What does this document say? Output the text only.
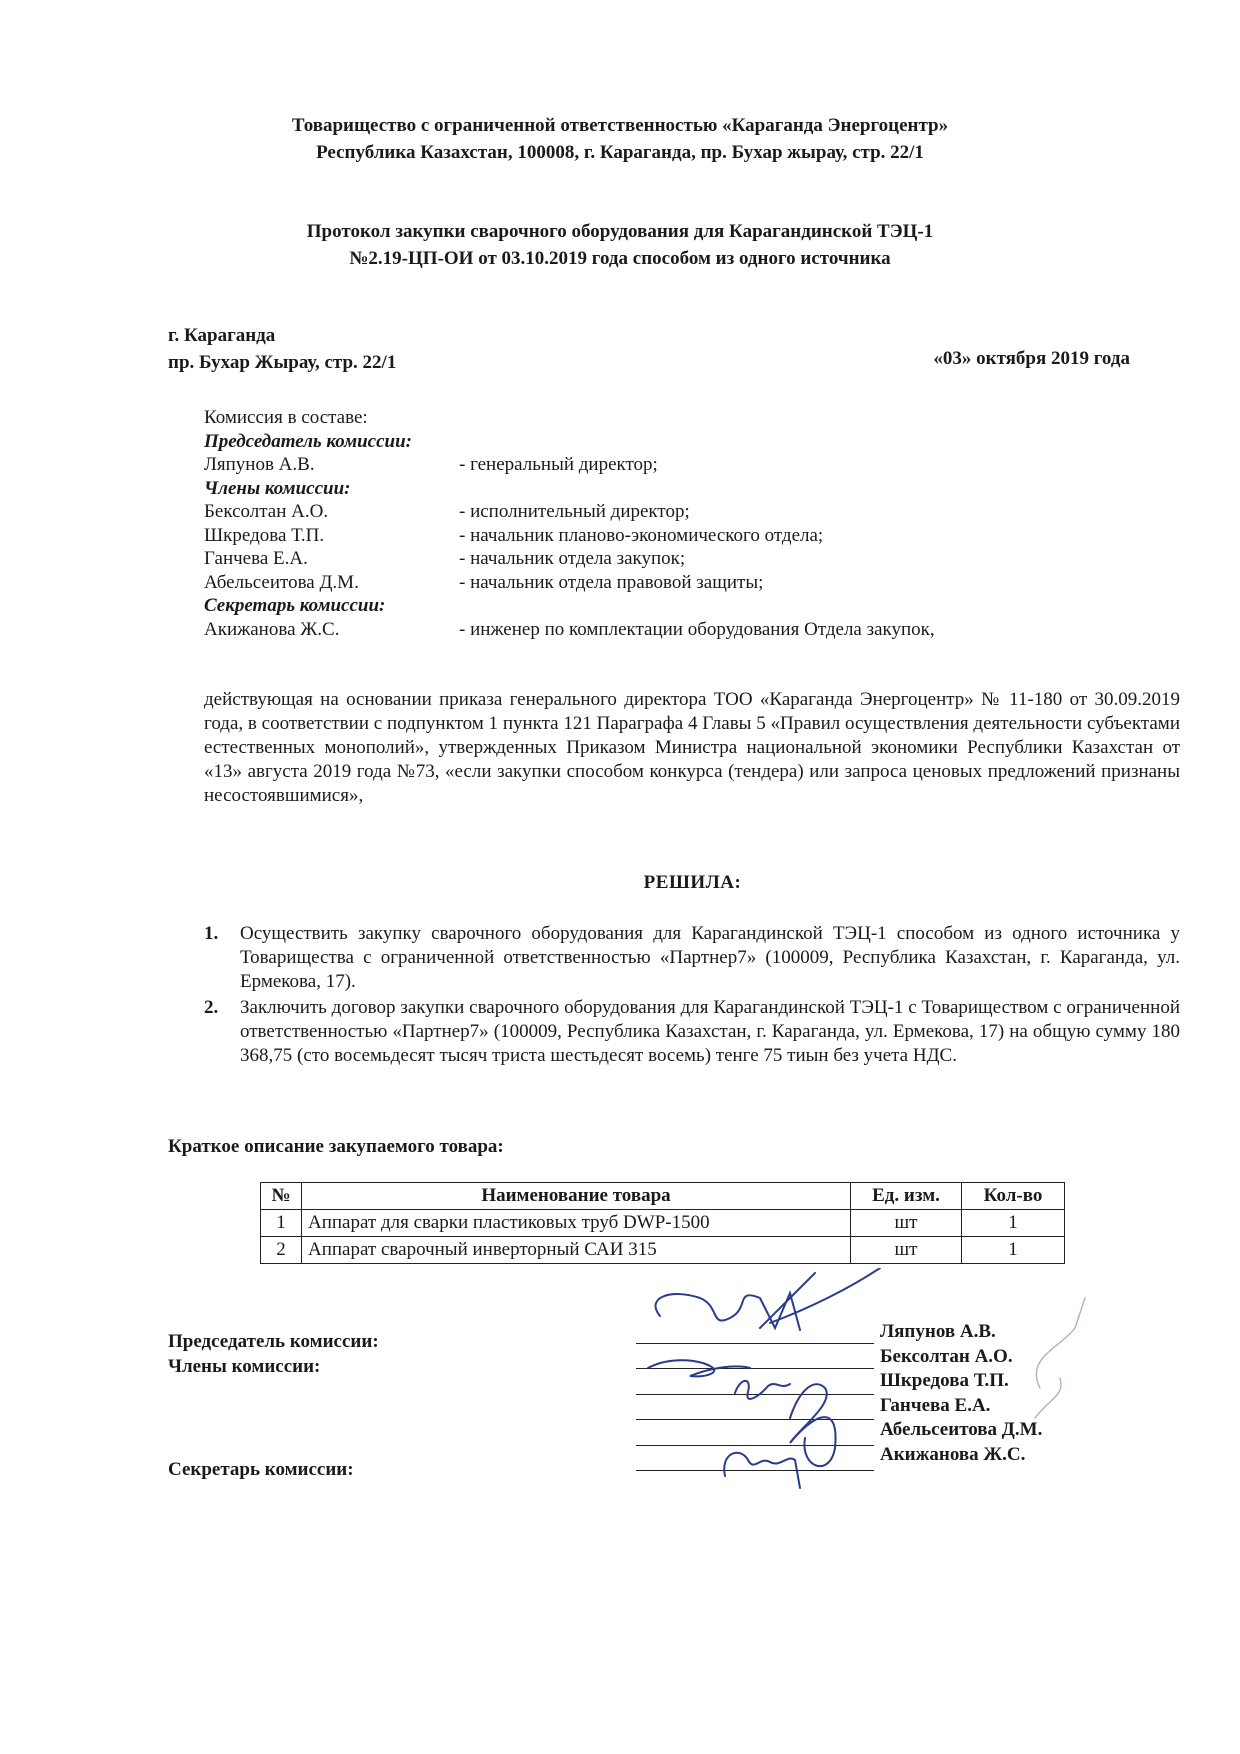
Товарищество с ограниченной ответственностью «Караганда Энергоцентр»
Республика Казахстан, 100008, г. Караганда, пр. Бухар жырау, стр. 22/1
Протокол закупки сварочного оборудования для Карагандинской ТЭЦ-1
№2.19-ЦП-ОИ от 03.10.2019 года способом из одного источника
г. Караганда
пр. Бухар Жырау, стр. 22/1	«03» октября 2019 года
Комиссия в составе:
Председатель комиссии:
Ляпунов А.В.	- генеральный директор;
Члены комиссии:
Бексолтан А.О.	- исполнительный директор;
Шкредова Т.П.	- начальник планово-экономического отдела;
Ганчева Е.А.	- начальник отдела закупок;
Абельсеитова Д.М.	- начальник отдела правовой защиты;
Секретарь комиссии:
Акижанова Ж.С.	- инженер по комплектации оборудования Отдела закупок,
действующая на основании приказа генерального директора ТОО «Караганда Энергоцентр» № 11-180 от 30.09.2019 года, в соответствии с подпунктом 1 пункта 121 Параграфа 4 Главы 5 «Правил осуществления деятельности субъектами естественных монополий», утвержденных Приказом Министра национальной экономики Республики Казахстан от «13» августа 2019 года №73, «если закупки способом конкурса (тендера) или запроса ценовых предложений признаны несостоявшимися»,
РЕШИЛА:
1.	Осуществить закупку сварочного оборудования для Карагандинской ТЭЦ-1 способом из одного источника у Товарищества с ограниченной ответственностью «Партнер7» (100009, Республика Казахстан, г. Караганда, ул. Ермекова, 17).
2.	Заключить договор закупки сварочного оборудования для Карагандинской ТЭЦ-1 с Товариществом с ограниченной ответственностью «Партнер7» (100009, Республика Казахстан, г. Караганда, ул. Ермекова, 17) на общую сумму 180 368,75 (сто восемьдесят тысяч триста шестьдесят восемь) тенге 75 тиын без учета НДС.
Краткое описание закупаемого товара:
№	Наименование товара	Ед. изм.	Кол-во
1	Аппарат для сварки пластиковых труб DWP-1500	шт	1
2	Аппарат сварочный инверторный САИ 315	шт	1
Председатель комиссии:
Члены комиссии:
Секретарь комиссии:
Ляпунов А.В.
Бексолтан А.О.
Шкредова Т.П.
Ганчева Е.А.
Абельсеитова Д.М.
Акижанова Ж.С.
